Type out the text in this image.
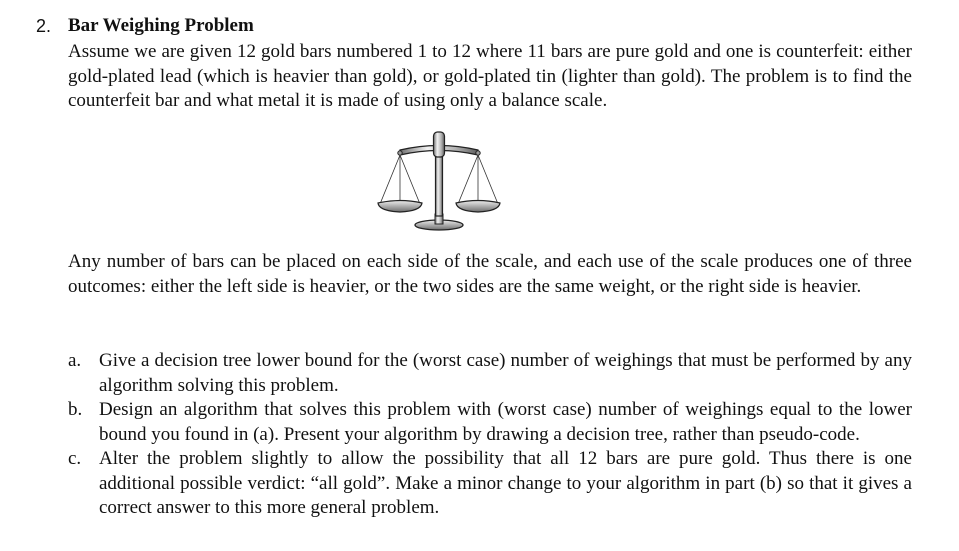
2. Bar Weighing Problem

Assume we are given 12 gold bars numbered 1 to 12 where 11 bars are pure gold and one is counterfeit: either gold-plated lead (which is heavier than gold), or gold-plated tin (lighter than gold). The problem is to find the counterfeit bar and what metal it is made of using only a balance scale.

Any number of bars can be placed on each side of the scale, and each use of the scale produces one of three outcomes: either the left side is heavier, or the two sides are the same weight, or the right side is heavier.

a. Give a decision tree lower bound for the (worst case) number of weighings that must be performed by any algorithm solving this problem.
b. Design an algorithm that solves this problem with (worst case) number of weighings equal to the lower bound you found in (a). Present your algorithm by drawing a decision tree, rather than pseudo-code.
c. Alter the problem slightly to allow the possibility that all 12 bars are pure gold. Thus there is one additional possible verdict: “all gold”. Make a minor change to your algorithm in part (b) so that it gives a correct answer to this more general problem.
